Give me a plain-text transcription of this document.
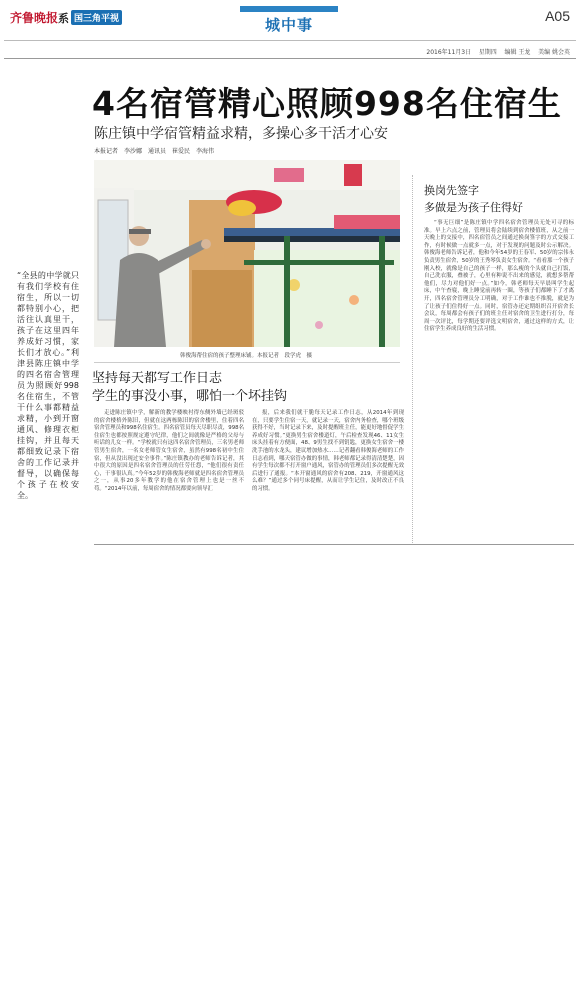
齐鲁晚报系 国三角平视	城中事	A05
2016年11月3日 星期四 编辑 王龙 美编 姚会英
4名宿管精心照顾998名住宿生
陈庄镇中学宿管精益求精，多操心多干活才心安
本报记者　李沙娜　通讯员　崔爱民　李海伟
韩俊海帮住宿的孩子整理床铺。本报记者　段学虎　摄
“全县的中学就只有我们学校有住宿生，所以一切都特别小心，把活往认真里干，孩子在这里四年养成好习惯，家长们才放心。”利津县陈庄镇中学的四名宿舍管理员为照顾好998名住宿生，不管干什么事都精益求精，小到开窗通风、修理衣柜挂钩，并且每天都细致记录下宿舍的工作记录并督导，以确保每个孩子在校安全。
坚持每天都写工作日志
学生的事没小事，哪怕一个坏挂钩
走进陈庄镇中学，解新的教学楼映衬得东侧外墙已经斑驳的宿舍楼格外陈旧，但就在这两栋陈旧的宿舍楼里，住着四名宿舍管理员和998名住宿生。四名宿管员每天尽职尽责，998名住宿生也都按照规定遵守纪律，他们之间就像是严格的父母与听话的儿女一样。“学校就只有这四名宿舍管理员，三名男老师管男生宿舍，一名女老师管女生宿舍，虽然有998名初中生住宿，但从没出现过安全事件。”陈庄镇教办的老师告诉记者，其中很大的原因是四名宿舍管理员的任劳任怨，“他们很有责任心，干事很认真。”今年52岁的韩俊海老师就是四名宿舍管理员之一，从事20多年教学的他在宿舍管理上也是一丝不苟。“2014年以前，每周宿舍的情况都要向领导汇
报，后来我们就干脆每天记录工作日志，从2014年到现在，只要学生住宿一天，就记录一天，宿舍内务检查，哪个班级获得不好，当时记录下来，及时提醒班主任，能更好地督促学生养成好习惯。”更换男生宿舍楼道灯，午后检查发现46、11女生床头挂着有方便面，48、9男生找不到钥匙，更换女生宿舍一楼洗手池的水龙头，建议增加热水……记者翻看韩俊海老师的工作日志看到，哪天宿管办做的事情，韩老师都记录得清清楚楚，因有学生每次都不打开窗户通风，宿管办的管理员们多次提醒无效后进行了通报。“本开窗通风的宿舍有208、219，开窗通风这么难？”通过多个同号床提醒，从而让学生记住，及时改正不良的习惯。
换岗先签字
多做是为孩子住得好
“事无巨细”是陈庄镇中学四名宿舍管理员无处可寻的标准。早上六点之前，管理员将会陆续到宿舍楼值班，从之前一天晚上的交接中，四名宿管员之间通过换岗签字的方式交接工作，有时候做一点就多一点，对于发现的问题及时公示解决。韩俊海老师告诉记者，他和今年54岁的王春军、50岁的宗伟永负责男生宿舍，50岁的王秀琴负责女生宿舍。“看看那一个孩子刚入校，就像是自己的孩子一样，那么瘦的个头就自己打饭，自己洗衣服，叠被子，心里有种说不出来的感觉，就想多帮帮他们，尽力对他们好一点。”如今，韩老师每天早晨叫学生起床，中午查寝，晚上睡觉前再转一圈，等孩子们都睡下了才离开，四名宿舍管理员分工明确，对于工作谁也不推脱，就是为了让孩子们住得好一点。同时，宿管办还定期组织召开宿舍长会议，每周都会有孩子们的班主任对宿舍的卫生进行打分，每周一次评比，每学期还要评选文明宿舍，通过这样的方式，让住宿学生养成良好的生活习惯。
